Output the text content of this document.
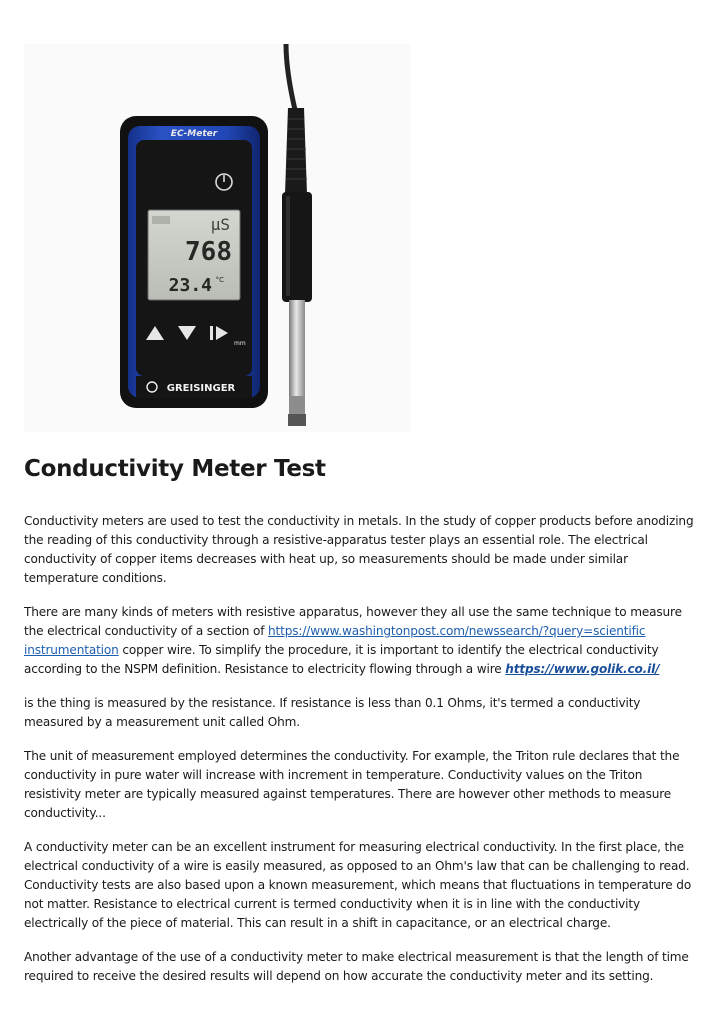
EC-Meter
µS
768
23.4 °C
mm
GREISINGER
Conductivity Meter Test

Conductivity meters are used to test the conductivity in metals. In the study of copper products before anodizing the reading of this conductivity through a resistive-apparatus tester plays an essential role. The electrical conductivity of copper items decreases with heat up, so measurements should be made under similar temperature conditions.

There are many kinds of meters with resistive apparatus, however they all use the same technique to measure the electrical conductivity of a section of https://www.washingtonpost.com/newssearch/?query=scientific instrumentation copper wire. To simplify the procedure, it is important to identify the electrical conductivity according to the NSPM definition. Resistance to electricity flowing through a wire https://www.golik.co.il/

is the thing is measured by the resistance. If resistance is less than 0.1 Ohms, it's termed a conductivity measured by a measurement unit called Ohm.

The unit of measurement employed determines the conductivity. For example, the Triton rule declares that the conductivity in pure water will increase with increment in temperature. Conductivity values on the Triton resistivity meter are typically measured against temperatures. There are however other methods to measure conductivity...

A conductivity meter can be an excellent instrument for measuring electrical conductivity. In the first place, the electrical conductivity of a wire is easily measured, as opposed to an Ohm's law that can be challenging to read. Conductivity tests are also based upon a known measurement, which means that fluctuations in temperature do not matter. Resistance to electrical current is termed conductivity when it is in line with the conductivity electrically of the piece of material. This can result in a shift in capacitance, or an electrical charge.

Another advantage of the use of a conductivity meter to make electrical measurement is that the length of time required to receive the desired results will depend on how accurate the conductivity meter and its setting.
